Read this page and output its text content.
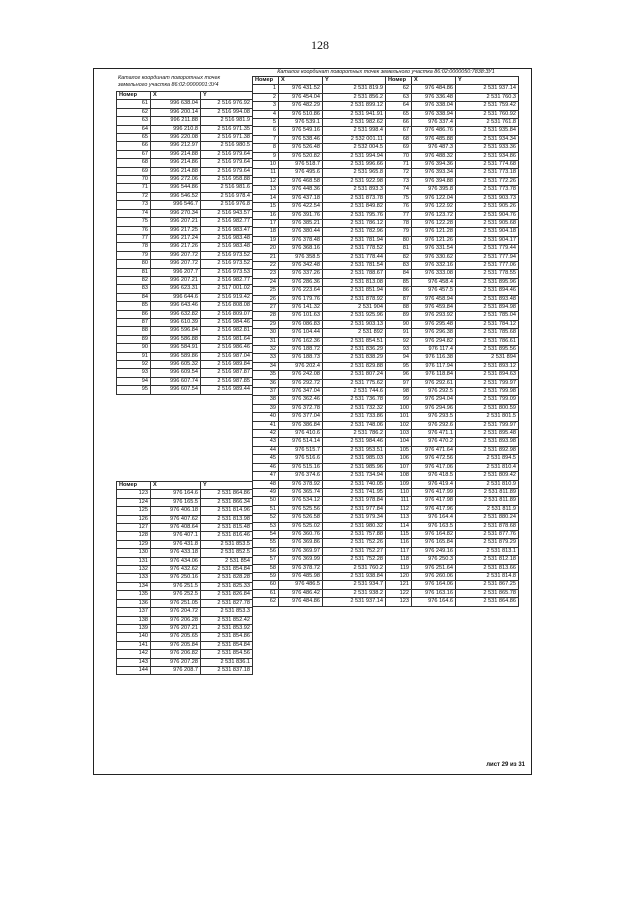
128
Каталог координат поворотных точек
земельного участка 86:02:0000001:3У4
Номер	X	Y
61	996 638.04	2 516 976.92
62	996 200.14	2 516 994.08
63	996 211.88	2 516 981.9
64	996 210.8	2 516 971.35
65	996 220.08	2 516 971.38
66	996 212.97	2 516 980.5
67	996 214.88	2 516 979.64
68	996 214.86	2 516 979.64
69	996 214.88	2 516 979.64
70	996 272.06	2 516 958.88
71	996 544.86	2 516 981.6
72	996 546.52	2 516 978.4
73	996 546.7	2 516 976.8
74	996 270.34	2 516 943.57
75	996 207.21	2 516 982.77
76	996 217.25	2 516 983.47
77	996 217.24	2 516 983.48
78	996 217.26	2 516 983.48
79	996 207.72	2 516 973.52
80	996 207.72	2 516 973.52
81	996 207.7	2 516 973.53
82	996 207.21	2 516 982.77
83	996 623.31	2 517 001.02
84	996 644.6	2 516 919.42
85	996 643.46	2 516 808.08
86	996 632.82	2 516 809.07
87	996 610.39	2 516 984.46
88	996 596.84	2 516 982.81
89	996 586.88	2 516 981.64
90	996 584.91	2 516 986.46
91	996 589.86	2 516 987.04
92	996 605.32	2 516 989.84
93	996 609.54	2 516 987.87
94	996 607.74	2 516 987.85
95	996 607.54	2 516 989.44
Номер	X	Y
123	976 164.6	2 531 864.86
124	976 165.5	2 531 866.34
125	976 406.18	2 531 814.96
126	976 407.62	2 531 813.98
127	976 408.64	2 531 815.48
128	976 407.1	2 531 816.46
129	976 431.8	2 531 853.5
130	976 433.18	2 531 852.5
131	976 434.06	2 531 854
132	976 432.62	2 531 854.84
133	976 250.16	2 531 828.28
134	976 251.5	2 531 825.33
135	976 252.5	2 531 826.84
136	976 251.05	2 531 827.78
137	976 204.72	2 531 853.3
138	976 206.28	2 531 852.42
139	976 207.21	2 531 853.92
140	976 205.65	2 531 854.86
141	976 205.84	2 531 854.84
142	976 206.82	2 531 854.56
143	976 207.28	2 531 836.1
144	976 208.7	2 531 837.18
Каталог координат поворотных точек земельного участка 86:02:0000050:7838:ЗУ1
Номер	X	Y	Номер	X	Y
1	976 431.52	2 531 819.9	62	976 484.86	2 531 937.14
2	976 454.04	2 531 856.2	63	976 336.48	2 531 760.3
3	976 482.29	2 531 899.12	64	976 338.04	2 531 759.42
4	976 510.86	2 531 941.91	65	976 338.94	2 531 760.92
5	976 539.1	2 531 982.62	66	976 337.4	2 531 761.8
6	976 549.16	2 531 998.4	67	976 486.76	2 531 935.84
7	976 538.46	2 532 001.11	68	976 485.88	2 531 934.34
8	976 526.48	2 532 004.5	69	976 487.3	2 531 933.36
9	976 520.82	2 531 994.94	70	976 488.32	2 531 934.86
10	976 518.7	2 531 996.66	71	976 394.36	2 531 774.68
11	976 495.6	2 531 965.8	72	976 393.34	2 531 773.18
12	976 468.58	2 531 922.98	73	976 394.88	2 531 772.26
13	976 448.36	2 531 893.3	74	976 395.8	2 531 773.78
14	976 437.18	2 531 873.78	75	976 122.04	2 531 903.73
15	976 422.54	2 531 849.82	76	976 122.92	2 531 905.26
16	976 391.76	2 531 795.76	77	976 123.72	2 531 904.76
17	976 385.21	2 531 786.12	78	976 122.28	2 531 905.68
18	976 380.44	2 531 782.96	79	976 121.28	2 531 904.18
19	976 378.48	2 531 781.94	80	976 121.26	2 531 904.17
20	976 368.16	2 531 778.52	81	976 331.54	2 531 779.44
21	976 358.5	2 531 778.44	82	976 330.62	2 531 777.94
22	976 342.48	2 531 781.54	83	976 332.16	2 531 777.06
23	976 337.26	2 531 788.67	84	976 333.08	2 531 778.55
24	976 286.36	2 531 813.08	85	976 458.4	2 531 895.96
25	976 223.64	2 531 851.94	86	976 457.5	2 531 894.46
26	976 179.76	2 531 878.92	87	976 458.94	2 531 893.48
27	976 141.32	2 531 904	88	976 459.84	2 531 894.98
28	976 101.63	2 531 925.96	89	976 293.92	2 531 785.04
29	976 086.83	2 531 903.13	90	976 295.48	2 531 784.12
30	976 104.44	2 531 892	91	976 296.38	2 531 785.68
31	976 162.36	2 531 854.51	92	976 294.82	2 531 786.61
32	976 188.72	2 531 836.29	93	976 117.4	2 531 895.56
33	976 188.73	2 531 838.29	94	976 116.38	2 531 894
34	976 202.4	2 531 829.88	95	976 117.94	2 531 893.12
35	976 242.08	2 531 807.24	96	976 118.84	2 531 894.63
36	976 292.72	2 531 775.62	97	976 292.61	2 531 799.97
37	976 347.04	2 531 744.6	98	976 292.5	2 531 799.98
38	976 362.46	2 531 736.78	99	976 294.04	2 531 799.09
39	976 372.78	2 531 732.32	100	976 294.96	2 531 800.59
40	976 377.04	2 531 733.86	101	976 293.5	2 531 801.5
41	976 386.84	2 531 748.06	102	976 292.6	2 531 799.97
42	976 410.6	2 531 786.2	103	976 471.1	2 531 895.48
43	976 514.14	2 531 984.46	104	976 470.2	2 531 893.98
44	976 515.7	2 531 953.51	105	976 471.64	2 531 892.98
45	976 516.6	2 531 985.03	106	976 472.56	2 531 894.5
46	976 515.16	2 531 985.96	107	976 417.06	2 531 810.4
47	976 374.6	2 531 734.94	108	976 418.5	2 531 809.42
48	976 378.92	2 531 740.05	109	976 419.4	2 531 810.9
49	976 365.74	2 531 741.95	110	976 417.99	2 531 811.89
50	976 534.12	2 531 978.84	111	976 417.98	2 531 811.89
51	976 525.56	2 531 977.84	112	976 417.96	2 531 811.9
52	976 526.58	2 531 979.34	113	976 164.4	2 531 880.24
53	976 525.02	2 531 980.32	114	976 163.5	2 531 878.68
54	976 360.76	2 531 757.88	115	976 164.82	2 531 877.76
55	976 369.86	2 531 752.26	116	976 165.84	2 531 879.29
56	976 369.97	2 531 752.27	117	976 249.16	2 531 813.1
57	976 369.99	2 531 752.28	118	976 250.3	2 531 812.18
58	976 378.72	2 531 760.2	119	976 251.64	2 531 813.66
59	976 485.98	2 531 938.84	120	976 260.06	2 531 814.8
60	976 486.5	2 531 934.7	121	976 164.06	2 531 867.25
61	976 486.42	2 531 938.2	122	976 163.16	2 531 865.78
62	976 484.86	2 531 937.14	123	976 164.6	2 531 864.86
лист 29 из 31
